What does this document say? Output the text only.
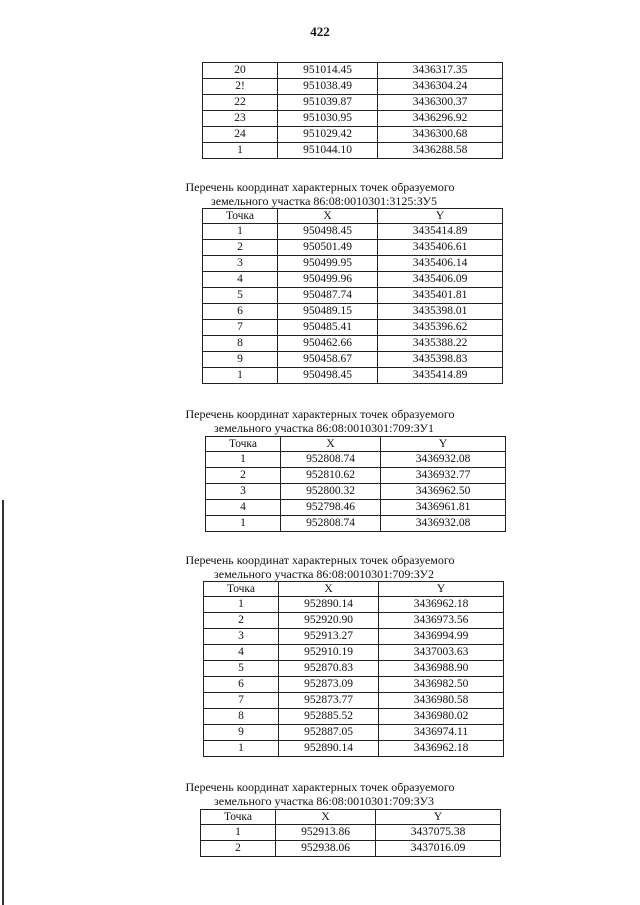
422
20	951014.45	3436317.35
2!	951038.49	3436304.24
22	951039.87	3436300.37
23	951030.95	3436296.92
24	951029.42	3436300.68
1	951044.10	3436288.58
Перечень координат характерных точек образуемого
земельного участка 86:08:0010301:3125:ЗУ5
Точка	X	Y
1	950498.45	3435414.89
2	950501.49	3435406.61
3	950499.95	3435406.14
4	950499.96	3435406.09
5	950487.74	3435401.81
6	950489.15	3435398.01
7	950485.41	3435396.62
8	950462.66	3435388.22
9	950458.67	3435398.83
1	950498.45	3435414.89
Перечень координат характерных точек образуемого
земельного участка 86:08:0010301:709:ЗУ1
Точка	X	Y
1	952808.74	3436932.08
2	952810.62	3436932.77
3	952800.32	3436962.50
4	952798.46	3436961.81
1	952808.74	3436932.08
Перечень координат характерных точек образуемого
земельного участка 86:08:0010301:709:ЗУ2
Точка	X	Y
1	952890.14	3436962.18
2	952920.90	3436973.56
3	952913.27	3436994.99
4	952910.19	3437003.63
5	952870.83	3436988.90
6	952873.09	3436982.50
7	952873.77	3436980.58
8	952885.52	3436980.02
9	952887.05	3436974.11
1	952890.14	3436962.18
Перечень координат характерных точек образуемого
земельного участка 86:08:0010301:709:ЗУ3
Точка	X	Y
1	952913.86	3437075.38
2	952938.06	3437016.09
